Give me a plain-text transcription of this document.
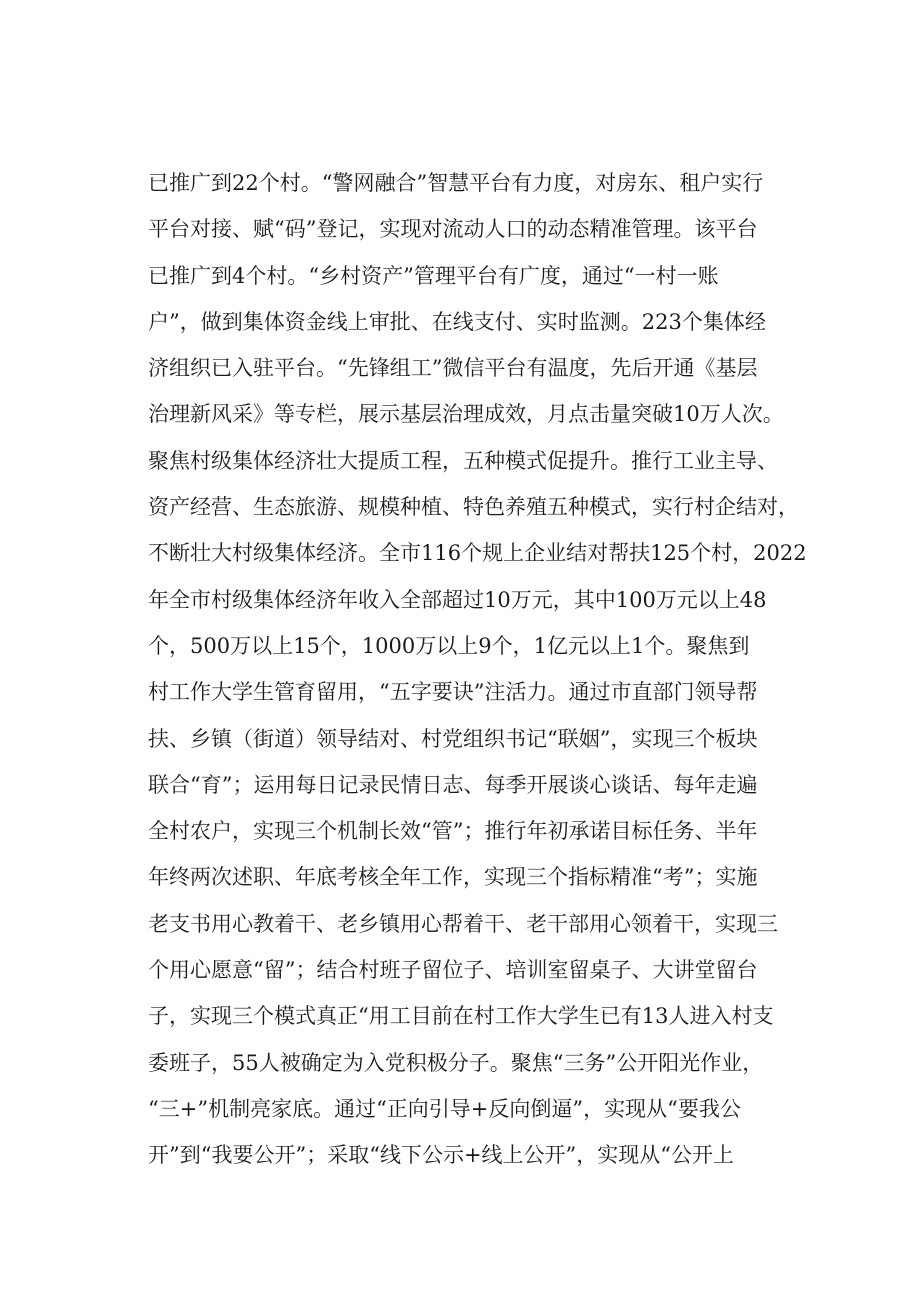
已推广到22个村。“警网融合”智慧平台有力度，对房东、租户实行
平台对接、赋“码”登记，实现对流动人口的动态精准管理。该平台
已推广到4个村。“乡村资产”管理平台有广度，通过“一村一账
户”，做到集体资金线上审批、在线支付、实时监测。223个集体经
济组织已入驻平台。“先锋组工”微信平台有温度，先后开通《基层
治理新风采》等专栏，展示基层治理成效，月点击量突破10万人次。
聚焦村级集体经济壮大提质工程，五种模式促提升。推行工业主导、
资产经营、生态旅游、规模种植、特色养殖五种模式，实行村企结对，
不断壮大村级集体经济。全市116个规上企业结对帮扶125个村，2022
年全市村级集体经济年收入全部超过10万元，其中100万元以上48
个，500万以上15个，1000万以上9个，1亿元以上1个。聚焦到
村工作大学生管育留用，“五字要诀”注活力。通过市直部门领导帮
扶、乡镇（街道）领导结对、村党组织书记“联姻”，实现三个板块
联合“育”；运用每日记录民情日志、每季开展谈心谈话、每年走遍
全村农户，实现三个机制长效“管”；推行年初承诺目标任务、半年
年终两次述职、年底考核全年工作，实现三个指标精准“考”；实施
老支书用心教着干、老乡镇用心帮着干、老干部用心领着干，实现三
个用心愿意“留”；结合村班子留位子、培训室留桌子、大讲堂留台
子，实现三个模式真正“用工目前在村工作大学生已有13人进入村支
委班子，55人被确定为入党积极分子。聚焦“三务”公开阳光作业，
“三+”机制亮家底。通过“正向引导+反向倒逼”，实现从“要我公
开”到“我要公开”；采取“线下公示+线上公开”，实现从“公开上
